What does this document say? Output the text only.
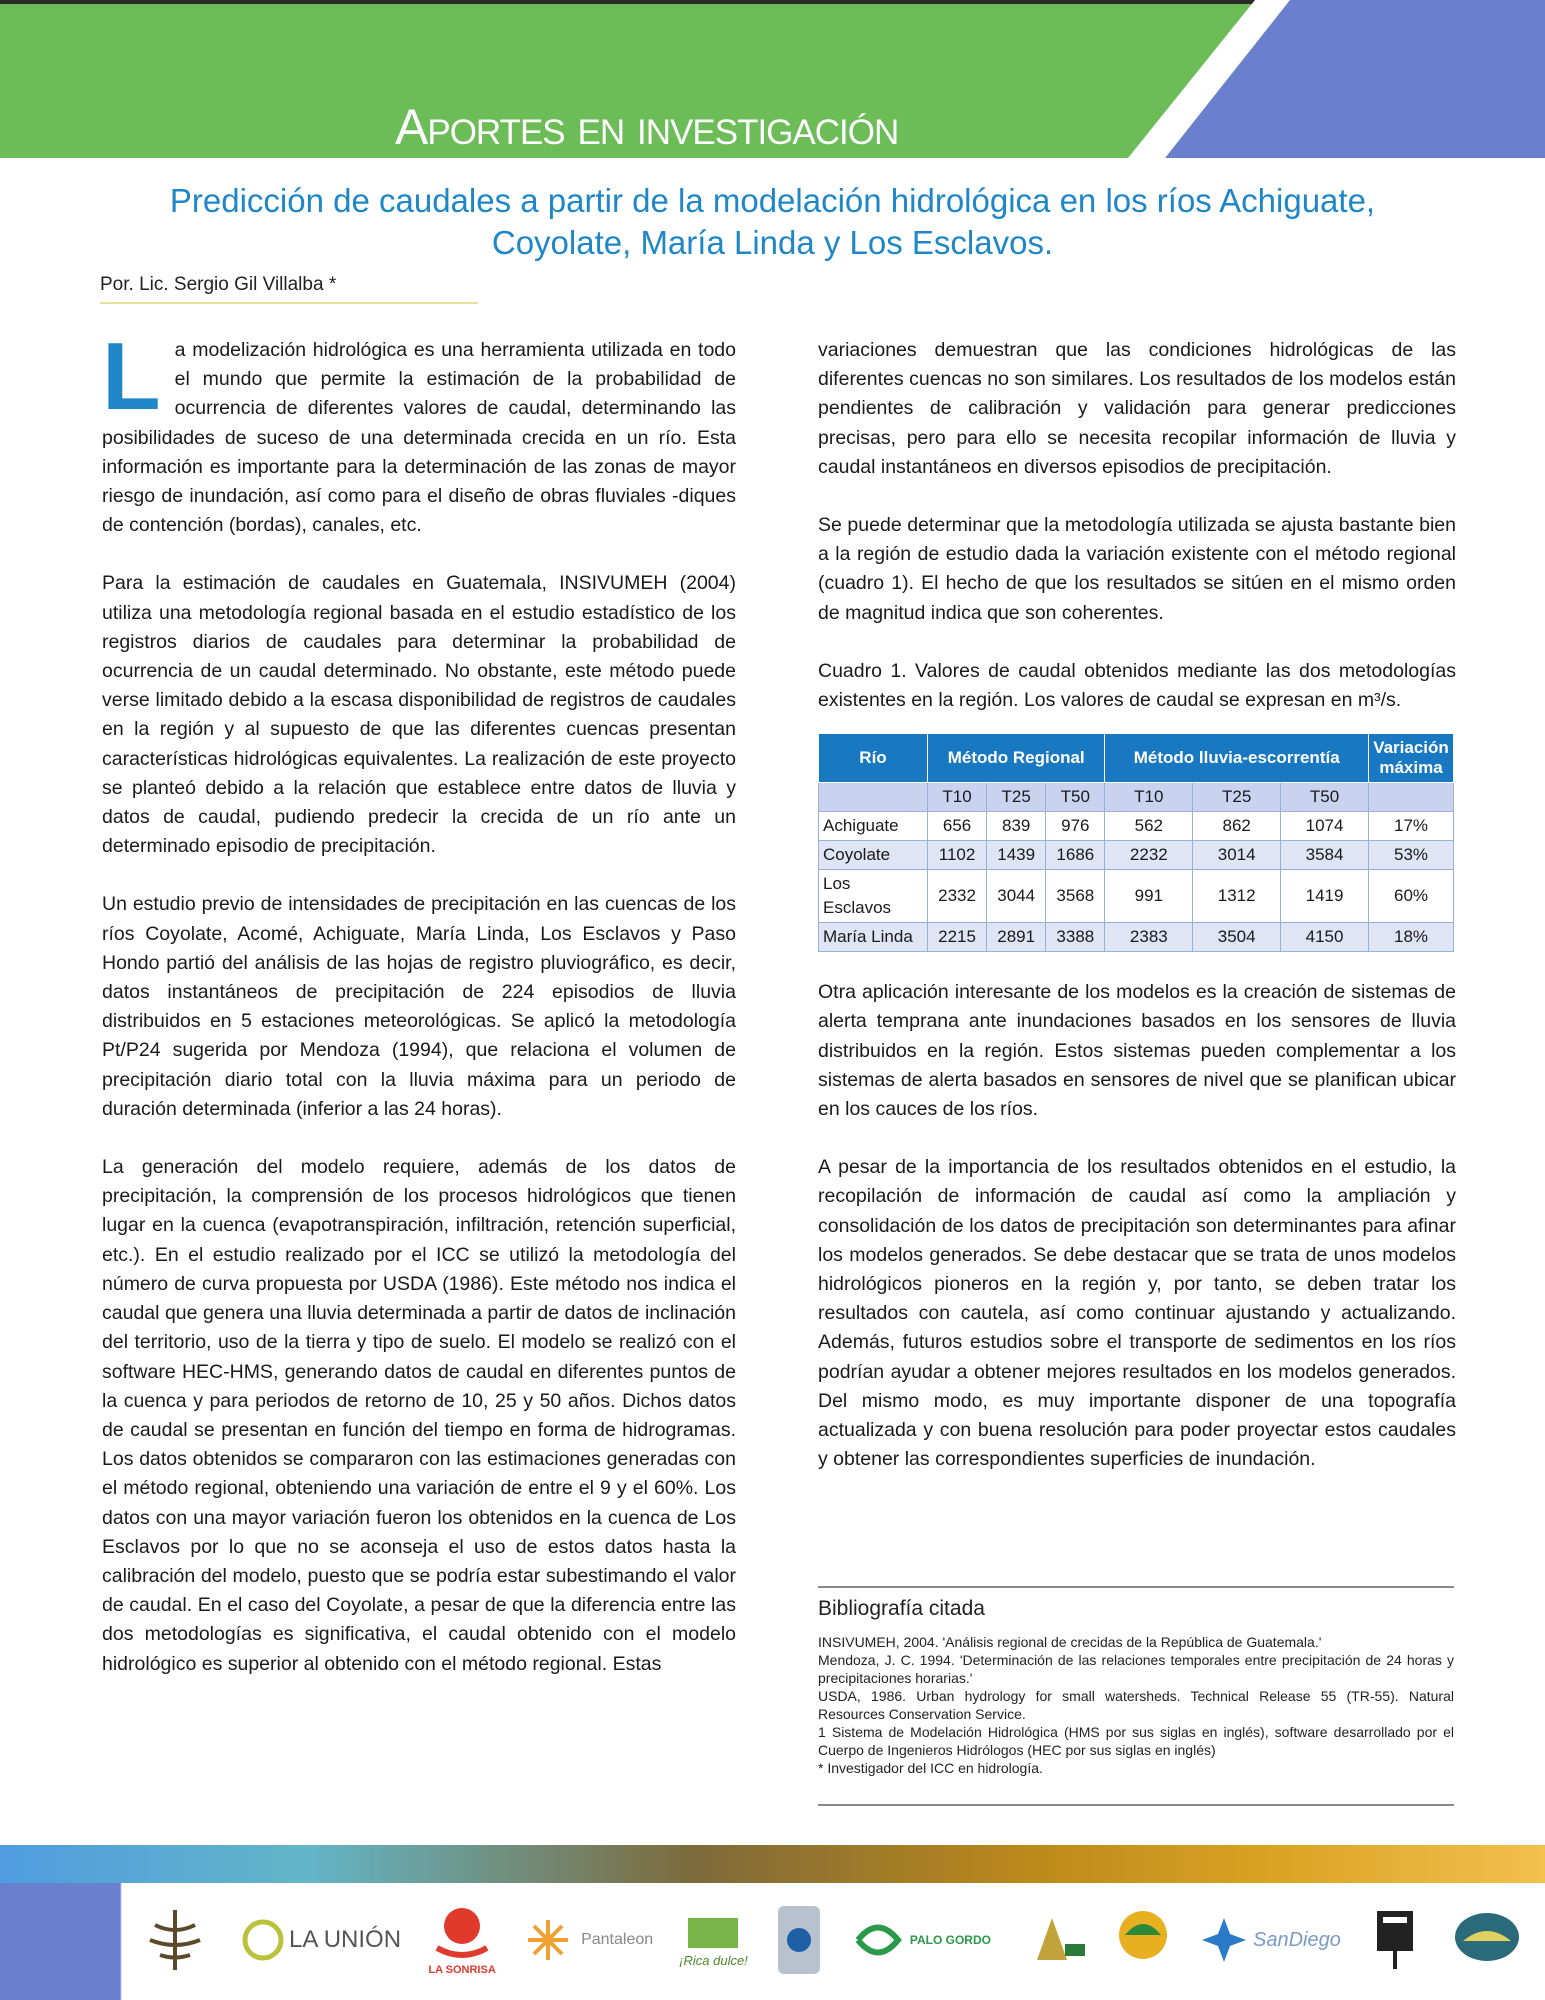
Aportes en investigación
Predicción de caudales a partir de la modelación hidrológica en los ríos Achiguate,
Coyolate, María Linda y Los Esclavos.
Por. Lic. Sergio Gil Villalba *

La modelización hidrológica es una herramienta utilizada en todo el mundo que permite la estimación de la probabilidad de ocurrencia de diferentes valores de caudal, determinando las posibilidades de suceso de una determinada crecida en un río. Esta información es importante para la determinación de las zonas de mayor riesgo de inundación, así como para el diseño de obras fluviales -diques de contención (bordas), canales, etc.

Para la estimación de caudales en Guatemala, INSIVUMEH (2004) utiliza una metodología regional basada en el estudio estadístico de los registros diarios de caudales para determinar la probabilidad de ocurrencia de un caudal determinado. No obstante, este método puede verse limitado debido a la escasa disponibilidad de registros de caudales en la región y al supuesto de que las diferentes cuencas presentan características hidrológicas equivalentes. La realización de este proyecto se planteó debido a la relación que establece entre datos de lluvia y datos de caudal, pudiendo predecir la crecida de un río ante un determinado episodio de precipitación.

Un estudio previo de intensidades de precipitación en las cuencas de los ríos Coyolate, Acomé, Achiguate, María Linda, Los Esclavos y Paso Hondo partió del análisis de las hojas de registro pluviográfico, es decir, datos instantáneos de precipitación de 224 episodios de lluvia distribuidos en 5 estaciones meteorológicas. Se aplicó la metodología Pt/P24 sugerida por Mendoza (1994), que relaciona el volumen de precipitación diario total con la lluvia máxima para un periodo de duración determinada (inferior a las 24 horas).

La generación del modelo requiere, además de los datos de precipitación, la comprensión de los procesos hidrológicos que tienen lugar en la cuenca (evapotranspiración, infiltración, retención superficial, etc.). En el estudio realizado por el ICC se utilizó la metodología del número de curva propuesta por USDA (1986). Este método nos indica el caudal que genera una lluvia determinada a partir de datos de inclinación del territorio, uso de la tierra y tipo de suelo. El modelo se realizó con el software HEC-HMS, generando datos de caudal en diferentes puntos de la cuenca y para periodos de retorno de 10, 25 y 50 años. Dichos datos de caudal se presentan en función del tiempo en forma de hidrogramas. Los datos obtenidos se compararon con las estimaciones generadas con el método regional, obteniendo una variación de entre el 9 y el 60%. Los datos con una mayor variación fueron los obtenidos en la cuenca de Los Esclavos por lo que no se aconseja el uso de estos datos hasta la calibración del modelo, puesto que se podría estar subestimando el valor de caudal. En el caso del Coyolate, a pesar de que la diferencia entre las dos metodologías es significativa, el caudal obtenido con el modelo hidrológico es superior al obtenido con el método regional. Estas

variaciones demuestran que las condiciones hidrológicas de las diferentes cuencas no son similares. Los resultados de los modelos están pendientes de calibración y validación para generar predicciones precisas, pero para ello se necesita recopilar información de lluvia y caudal instantáneos en diversos episodios de precipitación.

Se puede determinar que la metodología utilizada se ajusta bastante bien a la región de estudio dada la variación existente con el método regional (cuadro 1). El hecho de que los resultados se sitúen en el mismo orden de magnitud indica que son coherentes.

Cuadro 1. Valores de caudal obtenidos mediante las dos metodologías existentes en la región. Los valores de caudal se expresan en m³/s.

Río	Método Regional			Método lluvia-escorrentía			Variación máxima
	T10	T25	T50	T10	T25	T50	
Achiguate	656	839	976	562	862	1074	17%
Coyolate	1102	1439	1686	2232	3014	3584	53%
Los Esclavos	2332	3044	3568	991	1312	1419	60%
María Linda	2215	2891	3388	2383	3504	4150	18%

Otra aplicación interesante de los modelos es la creación de sistemas de alerta temprana ante inundaciones basados en los sensores de lluvia distribuidos en la región. Estos sistemas pueden complementar a los sistemas de alerta basados en sensores de nivel que se planifican ubicar en los cauces de los ríos.

A pesar de la importancia de los resultados obtenidos en el estudio, la recopilación de información de caudal así como la ampliación y consolidación de los datos de precipitación son determinantes para afinar los modelos generados. Se debe destacar que se trata de unos modelos hidrológicos pioneros en la región y, por tanto, se deben tratar los resultados con cautela, así como continuar ajustando y actualizando. Además, futuros estudios sobre el transporte de sedimentos en los ríos podrían ayudar a obtener mejores resultados en los modelos generados. Del mismo modo, es muy importante disponer de una topografía actualizada y con buena resolución para poder proyectar estos caudales y obtener las correspondientes superficies de inundación.

Bibliografía citada
INSIVUMEH, 2004. 'Análisis regional de crecidas de la República de Guatemala.'
Mendoza, J. C. 1994. 'Determinación de las relaciones temporales entre precipitación de 24 horas y precipitaciones horarias.'
USDA, 1986. Urban hydrology for small watersheds. Technical Release 55 (TR-55). Natural Resources Conservation Service.
1 Sistema de Modelación Hidrológica (HMS por sus siglas en inglés), software desarrollado por el Cuerpo de Ingenieros Hidrólogos (HEC por sus siglas en inglés)
* Investigador del ICC en hidrología.
LA UNIÓN
LA SONRISA
Pantaleon
¡Rica dulce!
PALO GORDO	SanDiego
